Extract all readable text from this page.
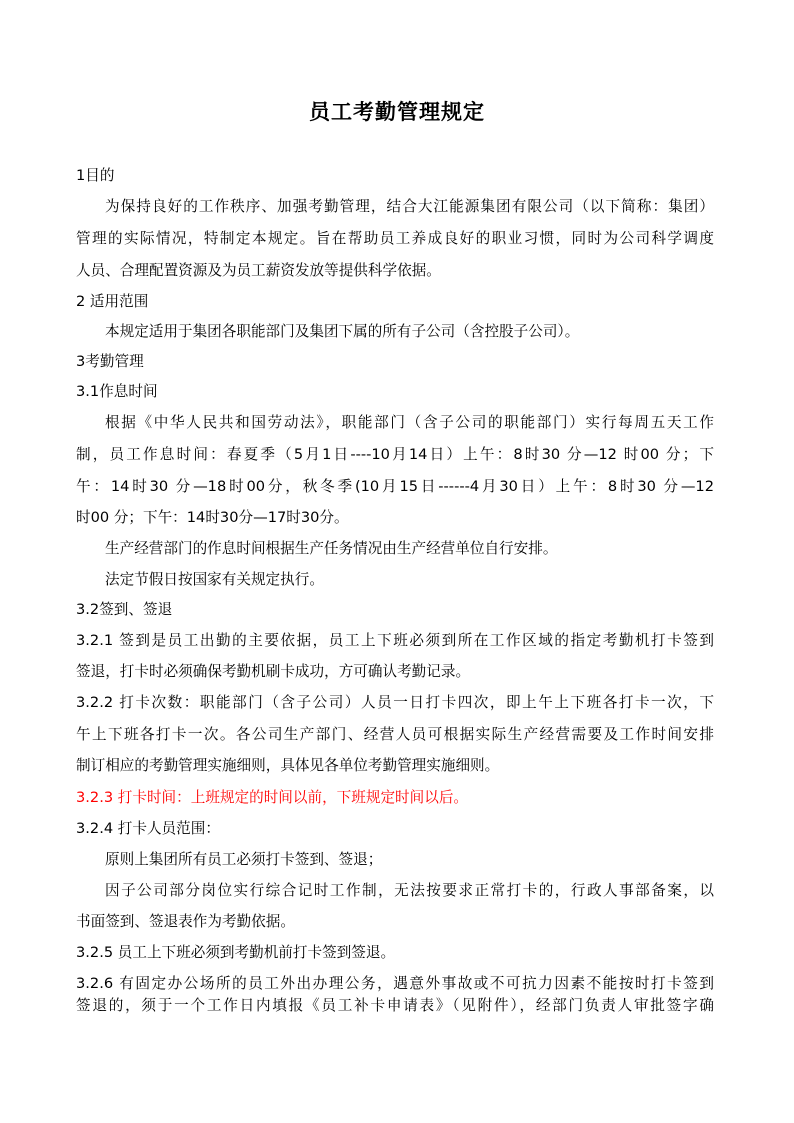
员工考勤管理规定
1目的
为保持良好的工作秩序、加强考勤管理，结合大江能源集团有限公司（以下简称：集团）
管理的实际情况，特制定本规定。旨在帮助员工养成良好的职业习惯，同时为公司科学调度
人员、合理配置资源及为员工薪资发放等提供科学依据。
2 适用范围
本规定适用于集团各职能部门及集团下属的所有子公司（含控股子公司）。
3考勤管理
3.1作息时间
根据《中华人民共和国劳动法》，职能部门（含子公司的职能部门）实行每周五天工作
制，员工作息时间：春夏季（5月1日----10月14日）上午：8时30 分—12 时00 分；下
午：14时30 分—18时00分，秋冬季(10月15日------4月30日）上午：8时30 分—12
时00 分；下午：14时30分—17时30分。
生产经营部门的作息时间根据生产任务情况由生产经营单位自行安排。
法定节假日按国家有关规定执行。
3.2签到、签退
3.2.1 签到是员工出勤的主要依据，员工上下班必须到所在工作区域的指定考勤机打卡签到
签退，打卡时必须确保考勤机刷卡成功，方可确认考勤记录。
3.2.2 打卡次数：职能部门（含子公司）人员一日打卡四次，即上午上下班各打卡一次，下
午上下班各打卡一次。各公司生产部门、经营人员可根据实际生产经营需要及工作时间安排
制订相应的考勤管理实施细则，具体见各单位考勤管理实施细则。
3.2.3 打卡时间：上班规定的时间以前，下班规定时间以后。
3.2.4 打卡人员范围：
原则上集团所有员工必须打卡签到、签退；
因子公司部分岗位实行综合记时工作制，无法按要求正常打卡的，行政人事部备案，以
书面签到、签退表作为考勤依据。
3.2.5 员工上下班必须到考勤机前打卡签到签退。
3.2.6 有固定办公场所的员工外出办理公务，遇意外事故或不可抗力因素不能按时打卡签到
签退的，须于一个工作日内填报《员工补卡申请表》（见附件），经部门负责人审批签字确
